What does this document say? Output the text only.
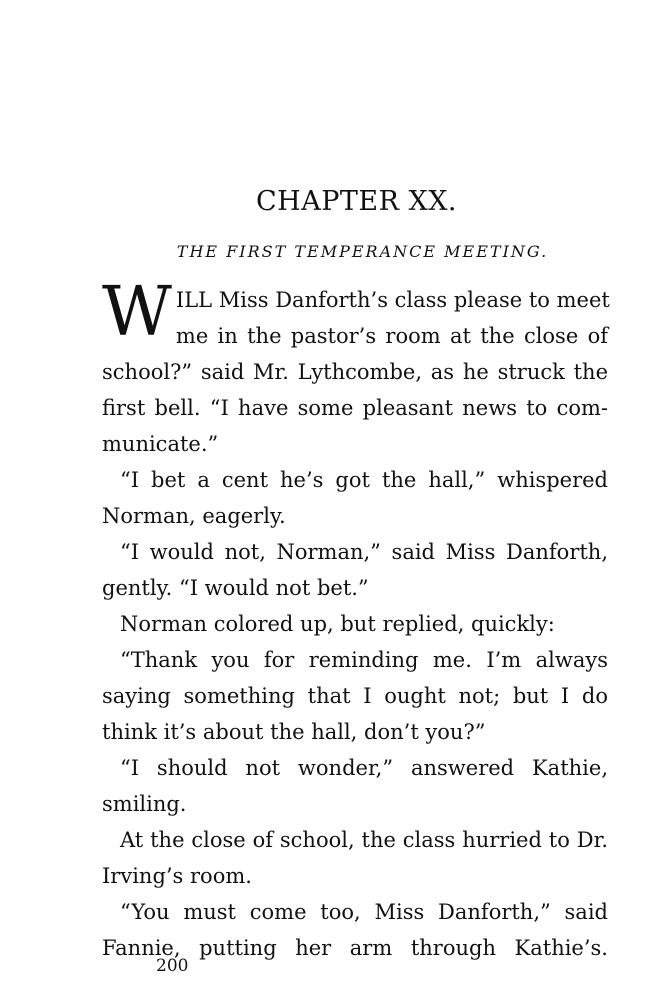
CHAPTER XX.
THE FIRST TEMPERANCE MEETING.
W ILL Miss Danforth’s class please to meet
me in the pastor’s room at the close of
school?” said Mr. Lythcombe, as he struck the
first bell. “I have some pleasant news to com-
municate.”
“I bet a cent he’s got the hall,” whispered
Norman, eagerly.
“I would not, Norman,” said Miss Danforth,
gently. “I would not bet.”
Norman colored up, but replied, quickly:
“Thank you for reminding me. I’m always
saying something that I ought not; but I do
think it’s about the hall, don’t you?”
“I should not wonder,” answered Kathie,
smiling.
At the close of school, the class hurried to Dr.
Irving’s room.
“You must come too, Miss Danforth,” said
Fannie, putting her arm through Kathie’s.
200
